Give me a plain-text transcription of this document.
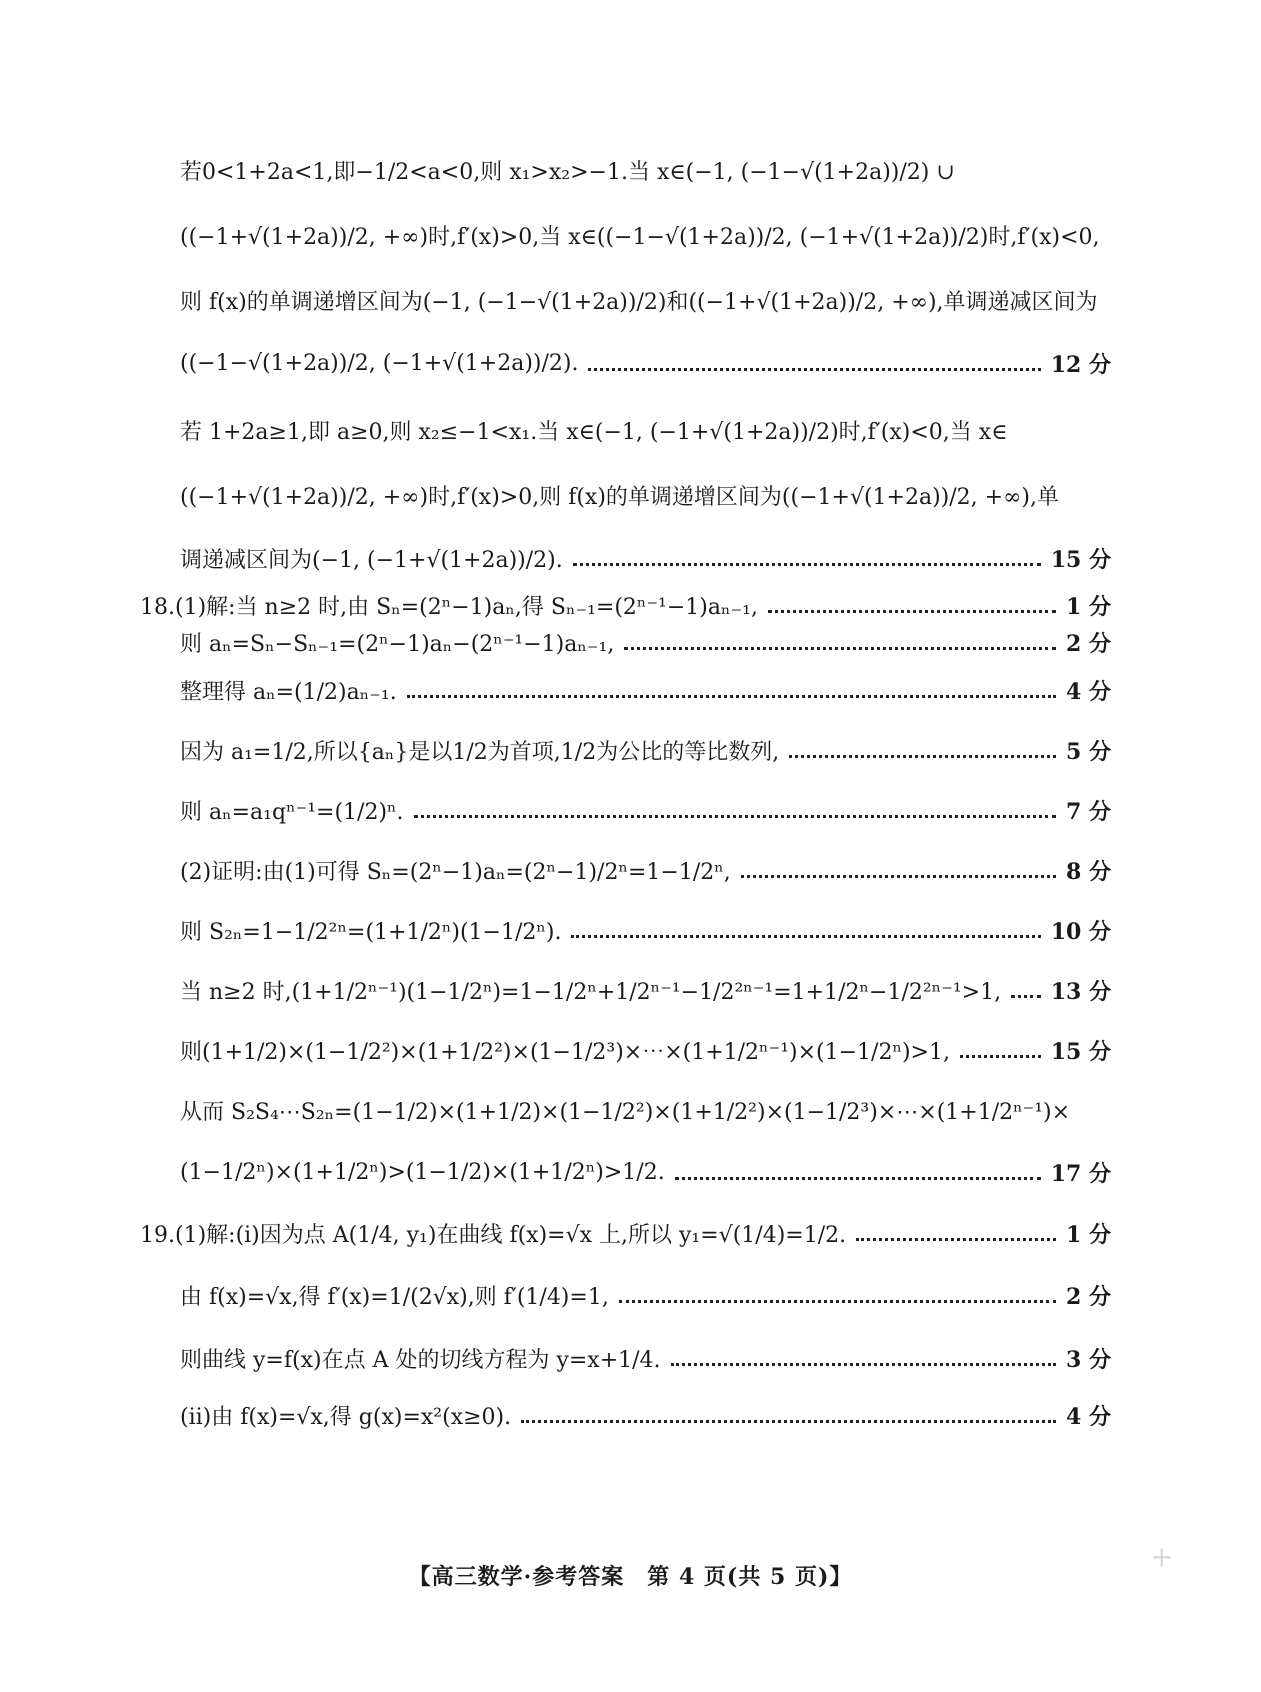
若0<1+2a<1,即−1/2<a<0,则 x₁>x₂>−1.当 x∈(−1, (−1−√(1+2a))/2) ∪
((−1+√(1+2a))/2, +∞)时,f′(x)>0,当 x∈((−1−√(1+2a))/2, (−1+√(1+2a))/2)时,f′(x)<0,
则 f(x)的单调递增区间为(−1, (−1−√(1+2a))/2)和((−1+√(1+2a))/2, +∞),单调递减区间为
((−1−√(1+2a))/2, (−1+√(1+2a))/2).	12 分
若 1+2a≥1,即 a≥0,则 x₂≤−1<x₁.当 x∈(−1, (−1+√(1+2a))/2)时,f′(x)<0,当 x∈
((−1+√(1+2a))/2, +∞)时,f′(x)>0,则 f(x)的单调递增区间为((−1+√(1+2a))/2, +∞),单
调递减区间为(−1, (−1+√(1+2a))/2).	15 分
18.(1)解:当 n≥2 时,由 Sₙ=(2ⁿ−1)aₙ,得 Sₙ₋₁=(2ⁿ⁻¹−1)aₙ₋₁,	1 分
则 aₙ=Sₙ−Sₙ₋₁=(2ⁿ−1)aₙ−(2ⁿ⁻¹−1)aₙ₋₁,	2 分
整理得 aₙ=(1/2)aₙ₋₁.	4 分
因为 a₁=1/2,所以{aₙ}是以1/2为首项,1/2为公比的等比数列,	5 分
则 aₙ=a₁qⁿ⁻¹=(1/2)ⁿ.	7 分
(2)证明:由(1)可得 Sₙ=(2ⁿ−1)aₙ=(2ⁿ−1)/2ⁿ=1−1/2ⁿ,	8 分
则 S₂ₙ=1−1/2²ⁿ=(1+1/2ⁿ)(1−1/2ⁿ).	10 分
当 n≥2 时,(1+1/2ⁿ⁻¹)(1−1/2ⁿ)=1−1/2ⁿ+1/2ⁿ⁻¹−1/2²ⁿ⁻¹=1+1/2ⁿ−1/2²ⁿ⁻¹>1, 13 分
则(1+1/2)×(1−1/2²)×(1+1/2²)×(1−1/2³)×⋯×(1+1/2ⁿ⁻¹)×(1−1/2ⁿ)>1,	15 分
从而 S₂S₄⋯S₂ₙ=(1−1/2)×(1+1/2)×(1−1/2²)×(1+1/2²)×(1−1/2³)×⋯×(1+1/2ⁿ⁻¹)×
(1−1/2ⁿ)×(1+1/2ⁿ)>(1−1/2)×(1+1/2ⁿ)>1/2.	17 分
19.(1)解:(ⅰ)因为点 A(1/4, y₁)在曲线 f(x)=√x 上,所以 y₁=√(1/4)=1/2.	1 分
由 f(x)=√x,得 f′(x)=1/(2√x),则 f′(1/4)=1,	2 分
则曲线 y=f(x)在点 A 处的切线方程为 y=x+1/4.	3 分
(ⅱ)由 f(x)=√x,得 g(x)=x²(x≥0).	4 分
【高三数学·参考答案　第 4 页(共 5 页)】
+
